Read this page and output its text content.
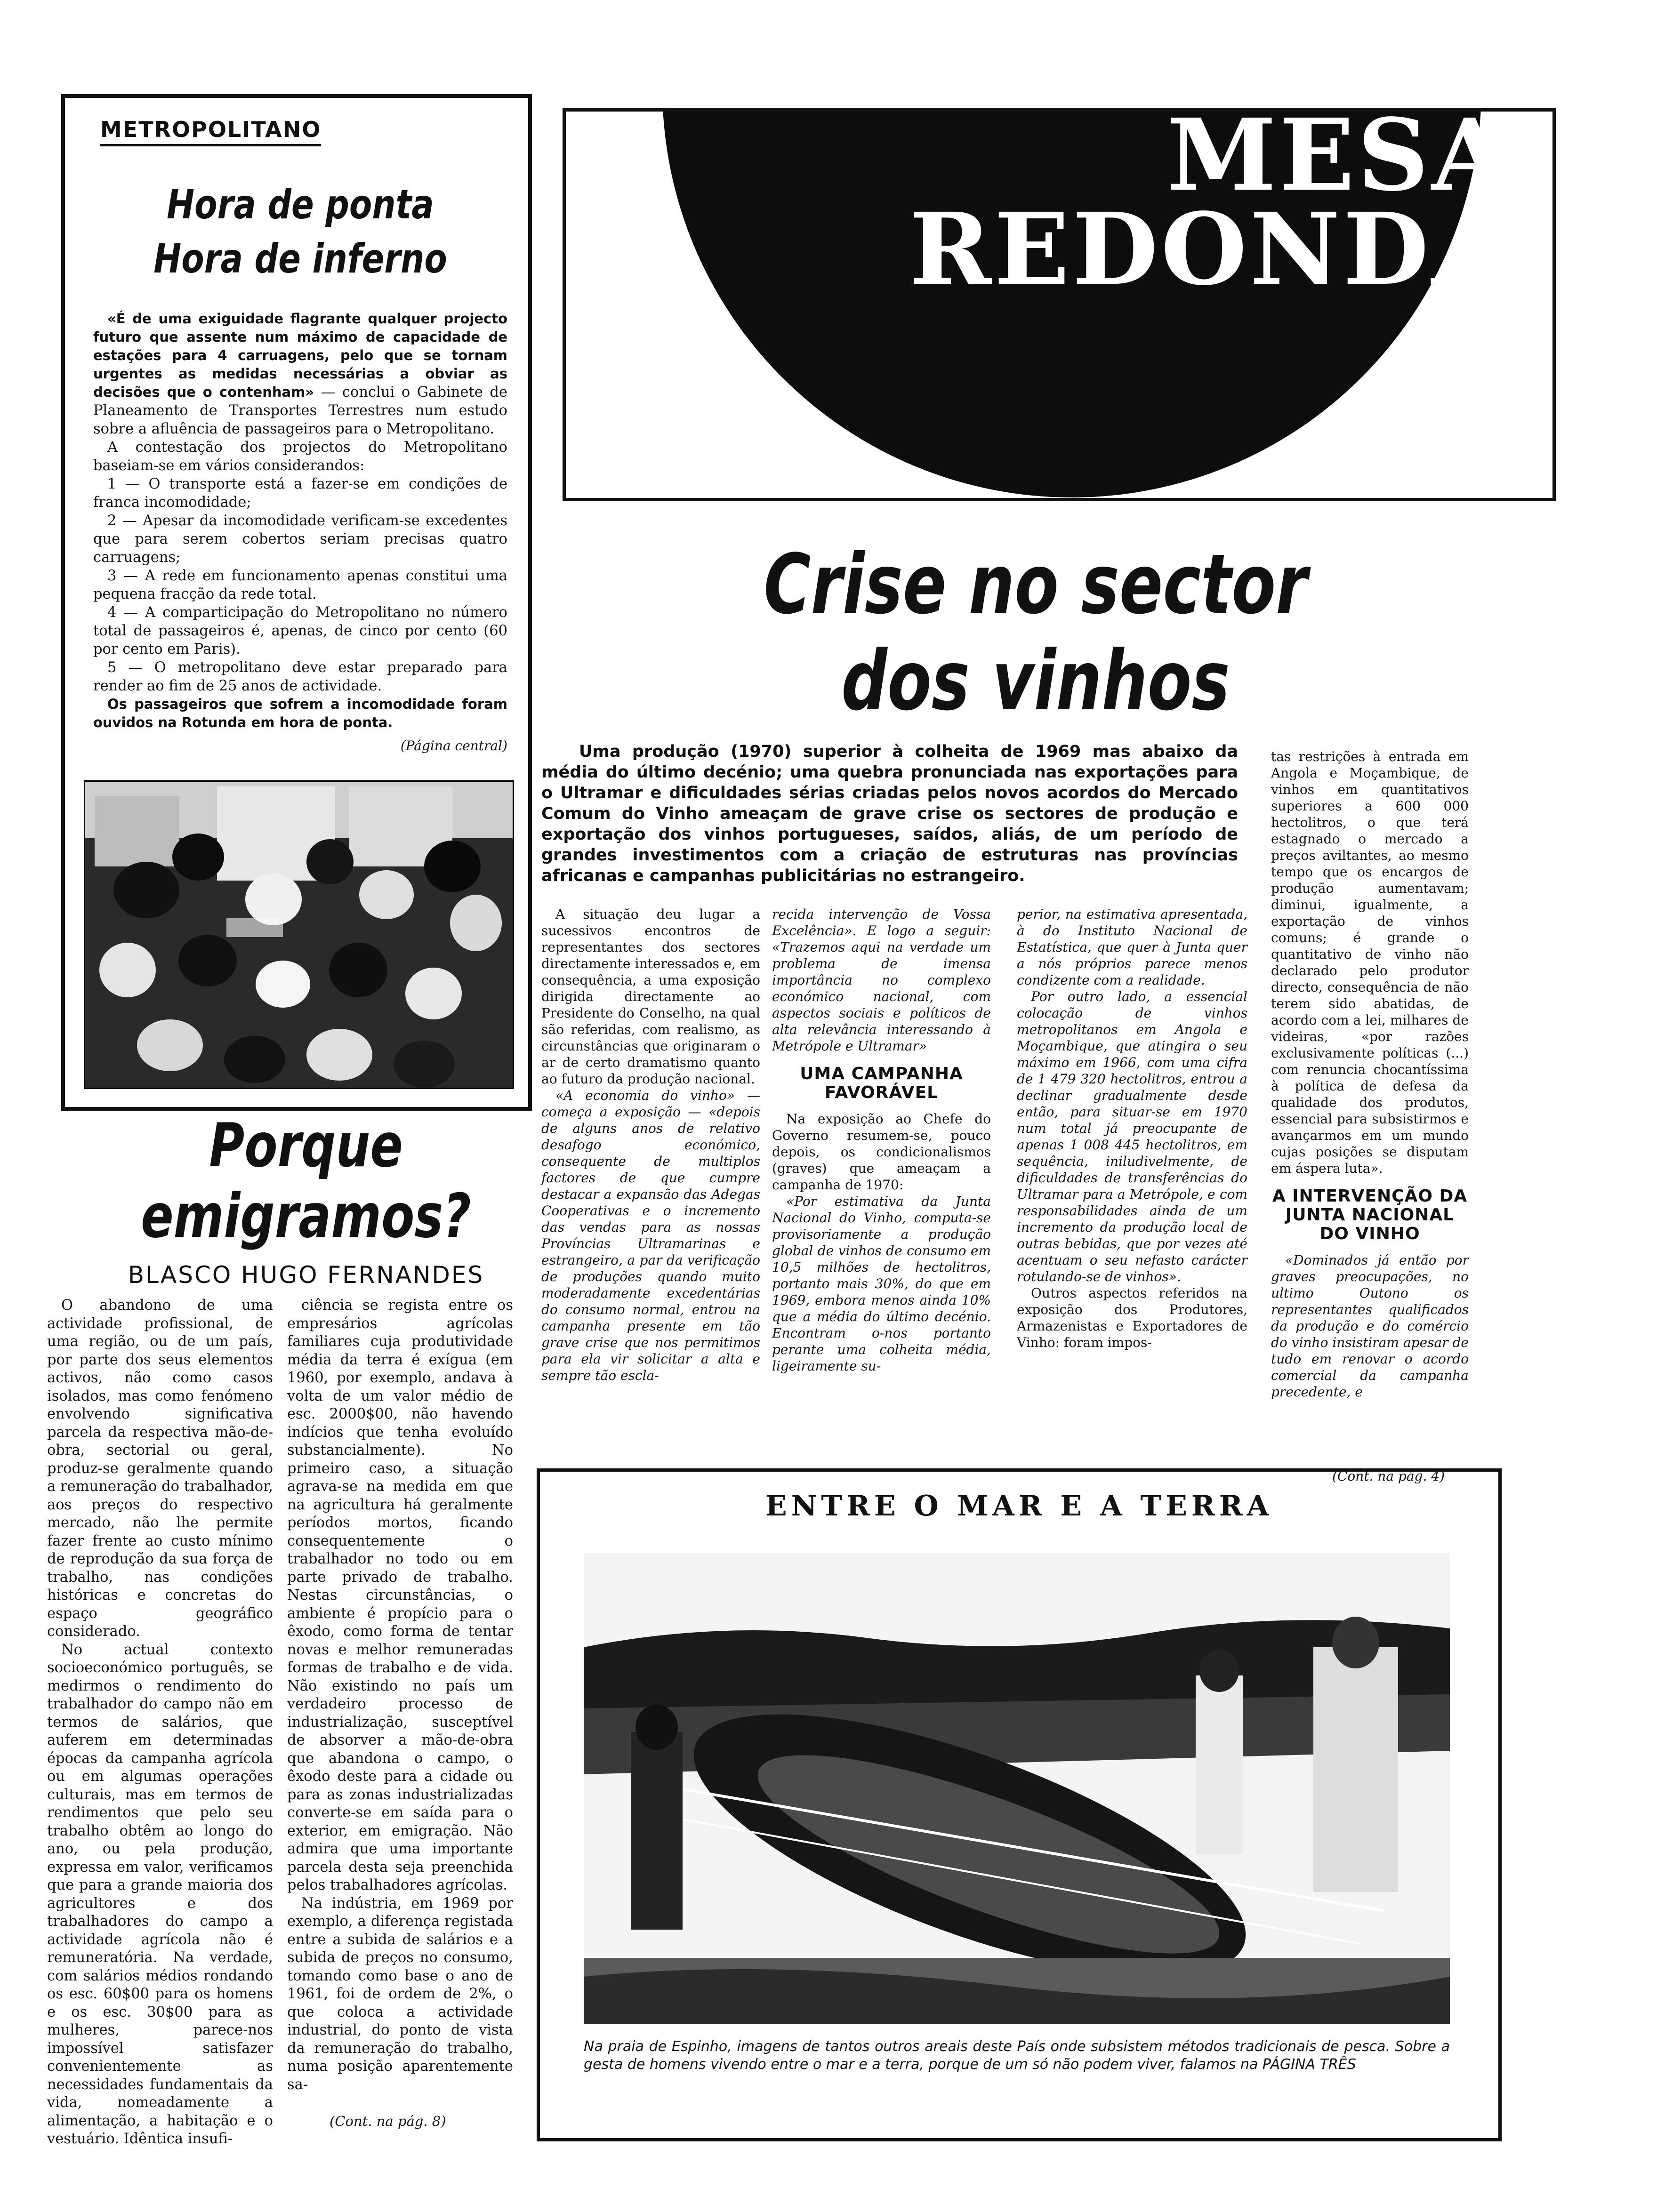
METROPOLITANO
Hora de ponta
Hora de inferno

«É de uma exiguidade flagrante qualquer projecto futuro que assente num máximo de capacidade de estações para 4 carruagens, pelo que se tornam urgentes as medidas necessárias a obviar as decisões que o contenham» — conclui o Gabinete de Planeamento de Transportes Terrestres num estudo sobre a afluência de passageiros para o Metropolitano.

A contestação dos projectos do Metropolitano baseiam-se em vários considerandos:

1 — O transporte está a fazer-se em condições de franca incomodidade;

2 — Apesar da incomodidade verificam-se excedentes que para serem cobertos seriam precisas quatro carruagens;

3 — A rede em funcionamento apenas constitui uma pequena fracção da rede total.

4 — A comparticipação do Metropolitano no número total de passageiros é, apenas, de cinco por cento (60 por cento em Paris).

5 — O metropolitano deve estar preparado para render ao fim de 25 anos de actividade.

Os passageiros que sofrem a incomodidade foram ouvidos na Rotunda em hora de ponta.

(Página central)

Porque
emigramos?
BLASCO HUGO FERNANDES

O abandono de uma actividade profissional, de uma região, ou de um país, por parte dos seus elementos activos, não como casos isolados, mas como fenómeno envolvendo significativa parcela da respectiva mão-de-obra, sectorial ou geral, produz-se geralmente quando a remuneração do trabalhador, aos preços do respectivo mercado, não lhe permite fazer frente ao custo mínimo de reprodução da sua força de trabalho, nas condições históricas e concretas do espaço geográfico considerado.

No actual contexto socioeconómico português, se medirmos o rendimento do trabalhador do campo não em termos de salários, que auferem em determinadas épocas da campanha agrícola ou em algumas operações culturais, mas em termos de rendimentos que pelo seu trabalho obtêm ao longo do ano, ou pela produção, expressa em valor, verificamos que para a grande maioria dos agricultores e dos trabalhadores do campo a actividade agrícola não é remuneratória. Na verdade, com salários médios rondando os esc. 60$00 para os homens e os esc. 30$00 para as mulheres, parece-nos impossível satisfazer convenientemente as necessidades fundamentais da vida, nomeadamente a alimentação, a habitação e o vestuário. Idêntica insufi-

ciência se regista entre os empresários agrícolas familiares cuja produtividade média da terra é exígua (em 1960, por exemplo, andava à volta de um valor médio de esc. 2000$00, não havendo indícios que tenha evoluído substancialmente). No primeiro caso, a situação agrava-se na medida em que na agricultura há geralmente períodos mortos, ficando consequentemente o trabalhador no todo ou em parte privado de trabalho. Nestas circunstâncias, o ambiente é propício para o êxodo, como forma de tentar novas e melhor remuneradas formas de trabalho e de vida. Não existindo no país um verdadeiro processo de industrialização, susceptível de absorver a mão-de-obra que abandona o campo, o êxodo deste para a cidade ou para as zonas industrializadas converte-se em saída para o exterior, em emigração. Não admira que uma importante parcela desta seja preenchida pelos trabalhadores agrícolas.

Na indústria, em 1969 por exemplo, a diferença registada entre a subida de salários e a subida de preços no consumo, tomando como base o ano de 1961, foi de ordem de 2%, o que coloca a actividade industrial, do ponto de vista da remuneração do trabalho, numa posição aparentemente sa-

(Cont. na pág. 8)
MESA
REDONDA
Crise no sector
dos vinhos
Uma produção (1970) superior à colheita de 1969 mas abaixo da média do último decénio; uma quebra pronunciada nas exportações para o Ultramar e dificuldades sérias criadas pelos novos acordos do Mercado Comum do Vinho ameaçam de grave crise os sectores de produção e exportação dos vinhos portugueses, saídos, aliás, de um período de grandes investimentos com a criação de estruturas nas províncias africanas e campanhas publicitárias no estrangeiro.

A situação deu lugar a sucessivos encontros de representantes dos sectores directamente interessados e, em consequência, a uma exposição dirigida directamente ao Presidente do Conselho, na qual são referidas, com realismo, as circunstâncias que originaram o ar de certo dramatismo quanto ao futuro da produção nacional.

«A economia do vinho» — começa a exposição — «depois de alguns anos de relativo desafogo económico, consequente de multiplos factores de que cumpre destacar a expansão das Adegas Cooperativas e o incremento das vendas para as nossas Províncias Ultramarinas e estrangeiro, a par da verificação de produções quando muito moderadamente excedentárias do consumo normal, entrou na campanha presente em tão grave crise que nos permitimos para ela vir solicitar a alta e sempre tão escla-

recida intervenção de Vossa Excelência». E logo a seguir: «Trazemos aqui na verdade um problema de imensa importância no complexo económico nacional, com aspectos sociais e políticos de alta relevância interessando à Metrópole e Ultramar»

UMA CAMPANHA FAVORÁVEL

Na exposição ao Chefe do Governo resumem-se, pouco depois, os condicionalismos (graves) que ameaçam a campanha de 1970:

«Por estimativa da Junta Nacional do Vinho, computa-se provisoriamente a produção global de vinhos de consumo em 10,5 milhões de hectolitros, portanto mais 30%, do que em 1969, embora menos ainda 10% que a média do último decénio. Encontram o-nos portanto perante uma colheita média, ligeiramente su-

perior, na estimativa apresentada, à do Instituto Nacional de Estatística, que quer à Junta quer a nós próprios parece menos condizente com a realidade.

Por outro lado, a essencial colocação de vinhos metropolitanos em Angola e Moçambique, que atingira o seu máximo em 1966, com uma cifra de 1 479 320 hectolitros, entrou a declinar gradualmente desde então, para situar-se em 1970 num total já preocupante de apenas 1 008 445 hectolitros, em sequência, iniludivelmente, de dificuldades de transferências do Ultramar para a Metrópole, e com responsabilidades ainda de um incremento da produção local de outras bebidas, que por vezes até acentuam o seu nefasto carácter rotulando-se de vinhos».

Outros aspectos referidos na exposição dos Produtores, Armazenistas e Exportadores de Vinho: foram impos-

tas restrições à entrada em Angola e Moçambique, de vinhos em quantitativos superiores a 600 000 hectolitros, o que terá estagnado o mercado a preços aviltantes, ao mesmo tempo que os encargos de produção aumentavam; diminui, igualmente, a exportação de vinhos comuns; é grande o quantitativo de vinho não declarado pelo produtor directo, consequência de não terem sido abatidas, de acordo com a lei, milhares de videiras, «por razões exclusivamente políticas (...) com renuncia chocantíssima à política de defesa da qualidade dos produtos, essencial para subsistirmos e avançarmos em um mundo cujas posições se disputam em áspera luta».

A INTERVENÇÃO DA JUNTA NACIONAL DO VINHO

«Dominados já então por graves preocupações, no ultimo Outono os representantes qualificados da produção e do comércio do vinho insistiram apesar de tudo em renovar o acordo comercial da campanha precedente, e

(Cont. na pág. 4)
ENTRE O MAR E A TERRA
Na praia de Espinho, imagens de tantos outros areais deste País onde subsistem métodos tradicionais de pesca. Sobre a gesta de homens vivendo entre o mar e a terra, porque de um só não podem viver, falamos na PÁGINA TRÊS
